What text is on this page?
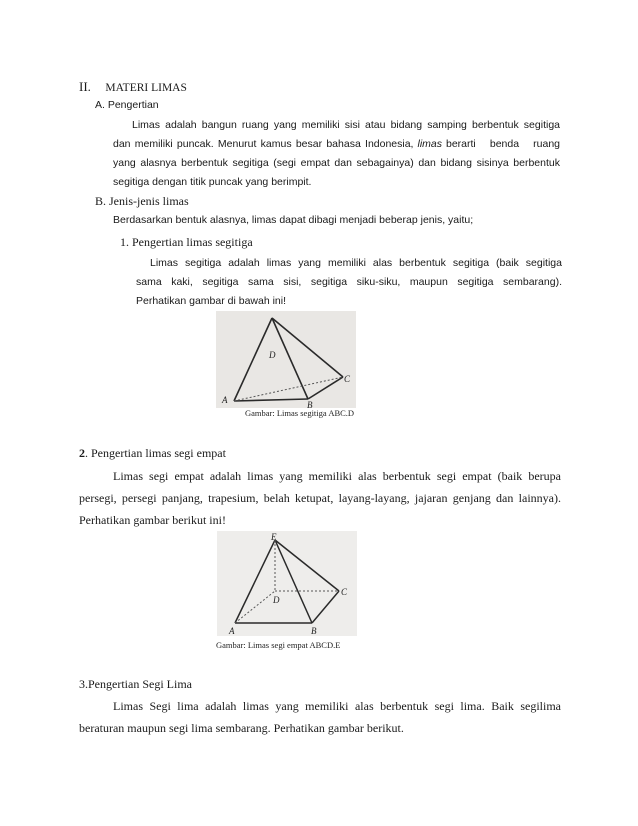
II. MATERI LIMAS
A. Pengertian
Limas adalah bangun ruang yang memiliki sisi atau bidang samping berbentuk segitiga
dan memiliki puncak. Menurut kamus besar bahasa Indonesia, limas berarti benda ruang
yang alasnya berbentuk segitiga (segi empat dan sebagainya) dan bidang sisinya berbentuk
segitiga dengan titik puncak yang berimpit.
B. Jenis-jenis limas
Berdasarkan bentuk alasnya, limas dapat dibagi menjadi beberap jenis, yaitu;
1. Pengertian limas segitiga
Limas segitiga adalah limas yang memiliki alas berbentuk segitiga (baik segitiga
sama kaki, segitiga sama sisi, segitiga siku-siku, maupun segitiga sembarang).
Perhatikan gambar di bawah ini!
A	B
C
D
Gambar: Limas segitiga ABC.D
2. Pengertian limas segi empat
Limas segi empat adalah limas yang memiliki alas berbentuk segi empat (baik berupa
persegi, persegi panjang, trapesium, belah ketupat, layang-layang, jajaran genjang dan lainnya).
Perhatikan gambar berikut ini!
A	B
C
D
E
Gambar: Limas segi empat ABCD.E
3.Pengertian Segi Lima
Limas Segi lima adalah limas yang memiliki alas berbentuk segi lima. Baik segilima
beraturan maupun segi lima sembarang. Perhatikan gambar berikut.
